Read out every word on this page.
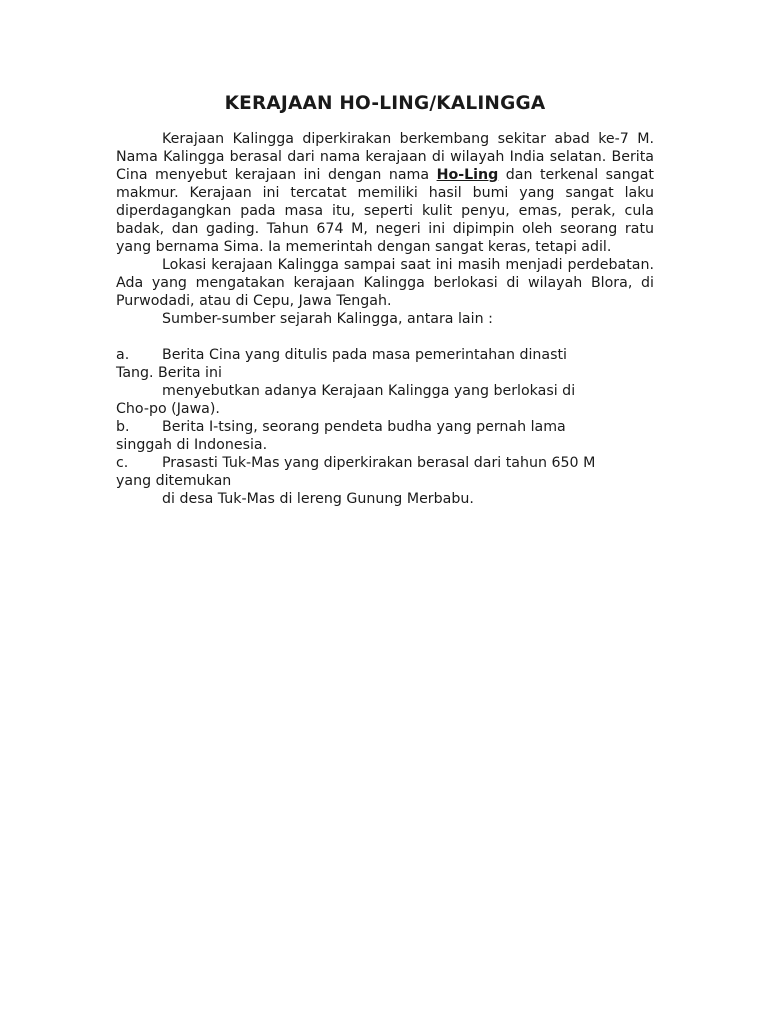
KERAJAAN HO-LING/KALINGGA

Kerajaan Kalingga diperkirakan berkembang sekitar abad ke-7 M. Nama Kalingga berasal dari nama kerajaan di wilayah India selatan. Berita Cina menyebut kerajaan ini dengan nama Ho-Ling dan terkenal sangat makmur. Kerajaan ini tercatat memiliki hasil bumi yang sangat laku diperdagangkan pada masa itu, seperti kulit penyu, emas, perak, cula badak, dan gading. Tahun 674 M, negeri ini dipimpin oleh seorang ratu yang bernama Sima. Ia memerintah dengan sangat keras, tetapi adil.

Lokasi kerajaan Kalingga sampai saat ini masih menjadi perdebatan. Ada yang mengatakan kerajaan Kalingga berlokasi di wilayah Blora, di Purwodadi, atau di Cepu, Jawa Tengah.

Sumber-sumber sejarah Kalingga, antara lain :

a. Berita Cina yang ditulis pada masa pemerintahan dinasti

Tang. Berita ini

menyebutkan adanya Kerajaan Kalingga yang berlokasi di

Cho-po (Jawa).

b. Berita I-tsing, seorang pendeta budha yang pernah lama

singgah di Indonesia.

c. Prasasti Tuk-Mas yang diperkirakan berasal dari tahun 650 M

yang ditemukan

di desa Tuk-Mas di lereng Gunung Merbabu.
